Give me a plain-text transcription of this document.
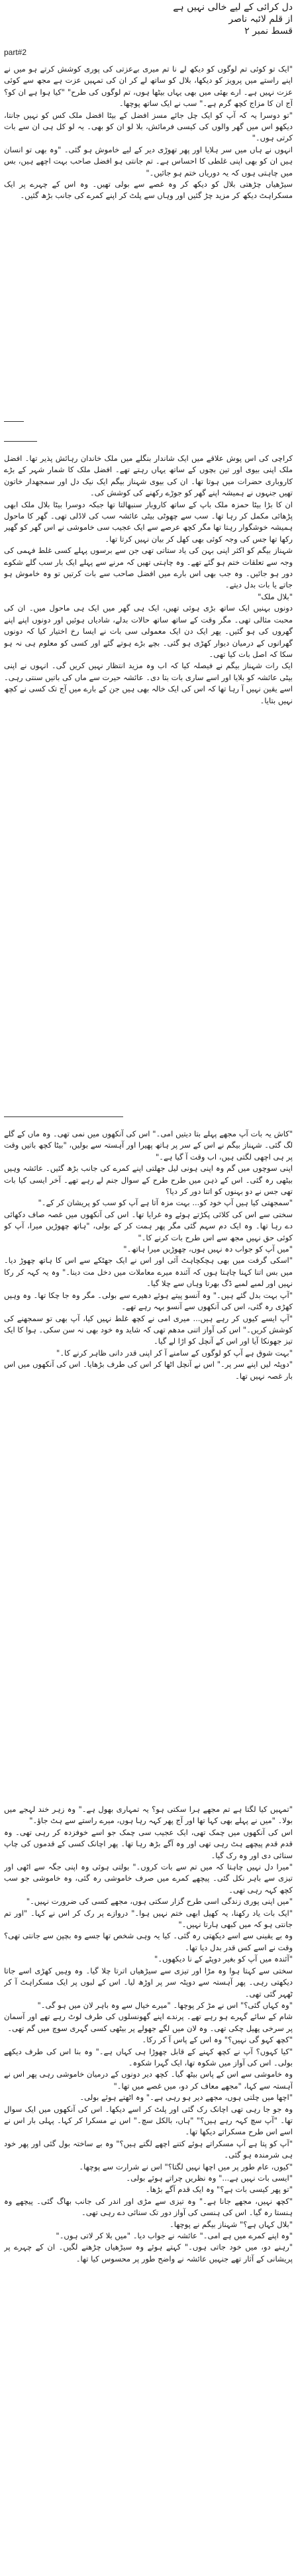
دل کرائی کے لیے خالی نہیں ہے
از قلم لائبہ ناصر
قسط نمبر ۲
part#2

"ایک تو کوئی تم لوگوں کو دیکھ لے نا تم میری بےعزتی کی پوری کوشش کرتے ہو میں نے اپنے راستے میں پرویز کو دیکھا، بلال کو ساتھ لے کر ان کی تمہیں عزت ہے مجھ سے کوئی عزت نہیں ہے۔ ارے بھئی میں بھی یہاں بیٹھا ہوں، تم لوگوں کی طرح" "کیا ہوا ہے ان کو؟ آج ان کا مزاج کچھ گرم ہے۔" سب نے ایک ساتھ پوچھا۔

"تو دوسرا یہ کہ آپ کو ایک چل جائے مسز افضل کے بیٹا افضل ملک کس کو نہیں جانتا، دیکھو اس میں گھر والوں کی کیسی فرمائش، بلا لو ان کو بھی۔ یہ لو کل ہی ان سے بات کرتی ہوں۔"

انہوں نے ہاں میں سر ہلایا اور پھر تھوڑی دیر کے لیے خاموش ہو گئی۔ "وہ بھی تو انسان ہیں ان کو بھی اپنی غلطی کا احساس ہے۔ تم جانتی ہو افضل صاحب بہت اچھے ہیں، بس میں چاہتی ہوں کہ یہ دوریاں ختم ہو جائیں۔"

سیڑھیاں چڑھتی بلال کو دیکھ کر وہ غصے سے بولی تھیں۔ وہ اس کے چہرے پر ایک مسکراہٹ دیکھ کر مزید چڑ گئیں اور وہاں سے پلٹ کر اپنے کمرے کی جانب بڑھ گئیں۔

کراچی کی اس پوش علاقے میں ایک شاندار بنگلے میں ملک خاندان رہائش پذیر تھا۔ افضل ملک اپنی بیوی اور تین بچوں کے ساتھ یہاں رہتے تھے۔ افضل ملک کا شمار شہر کے بڑے کاروباری حضرات میں ہوتا تھا۔ ان کی بیوی شہناز بیگم ایک نیک دل اور سمجھدار خاتون تھیں جنہوں نے ہمیشہ اپنے گھر کو جوڑے رکھنے کی کوشش کی۔

ان کا بڑا بیٹا حمزہ ملک باپ کے ساتھ کاروبار سنبھالتا تھا جبکہ دوسرا بیٹا بلال ملک ابھی پڑھائی مکمل کر رہا تھا۔ سب سے چھوٹی بیٹی عائشہ سب کی لاڈلی تھی۔ گھر کا ماحول ہمیشہ خوشگوار رہتا تھا مگر کچھ عرصے سے ایک عجیب سی خاموشی نے اس گھر کو گھیر رکھا تھا جس کی وجہ کوئی بھی کھل کر بیان نہیں کرتا تھا۔

شہناز بیگم کو اکثر اپنی بہن کی یاد ستاتی تھی جن سے برسوں پہلے کسی غلط فہمی کی وجہ سے تعلقات ختم ہو گئے تھے۔ وہ چاہتی تھیں کہ مرنے سے پہلے ایک بار سب گلے شکوے دور ہو جائیں۔ وہ جب بھی اس بارے میں افضل صاحب سے بات کرتیں تو وہ خاموش ہو جاتے یا بات بدل دیتے۔

"بلال ملک"

دونوں بہنیں ایک ساتھ بڑی ہوئی تھیں، ایک ہی گھر میں ایک ہی ماحول میں۔ ان کی محبت مثالی تھی۔ مگر وقت کے ساتھ ساتھ حالات بدلے، شادیاں ہوئیں اور دونوں اپنے اپنے گھروں کی ہو گئیں۔ پھر ایک دن ایک معمولی سی بات نے ایسا رخ اختیار کیا کہ دونوں گھرانوں کے درمیان دیوار کھڑی ہو گئی۔ بچے بڑے ہوتے گئے اور کسی کو معلوم ہی نہ ہو سکا کہ اصل بات کیا تھی۔

ایک رات شہناز بیگم نے فیصلہ کیا کہ اب وہ مزید انتظار نہیں کریں گی۔ انہوں نے اپنی بیٹی عائشہ کو بلایا اور اسے ساری بات بتا دی۔ عائشہ حیرت سے ماں کی باتیں سنتی رہی۔ اسے یقین نہیں آ رہا تھا کہ اس کی ایک خالہ بھی ہیں جن کے بارے میں آج تک کسی نے کچھ نہیں بتایا۔

"کاش یہ بات آپ مجھے پہلے بتا دیتیں امی۔" اس کی آنکھوں میں نمی تھی۔ وہ ماں کے گلے لگ گئی۔ شہناز بیگم نے اس کے سر پر ہاتھ پھیرا اور آہستہ سے بولیں، "بیٹا کچھ باتیں وقت پر ہی اچھی لگتی ہیں، اب وقت آ گیا ہے۔"

اپنی سوچوں میں گم وہ اپنی ہونی لیل جھلتی اپنے کمرے کی جانب بڑھ گئیں۔ عائشہ وہیں بیٹھی رہ گئی۔ اس کے ذہن میں طرح طرح کے سوال جنم لے رہے تھے۔ آخر ایسی کیا بات تھی جس نے دو بہنوں کو اتنا دور کر دیا؟

"سمجھتی کیا ہیں آپ خود کو... بہت مزہ آتا ہے آپ کو سب کو پریشان کر کے۔"

سختی سے اس کی کلائی پکڑتے ہوئے وہ غرایا تھا۔ اس کی آنکھوں میں غصہ صاف دکھائی دے رہا تھا۔ وہ ایک دم سہم گئی مگر پھر ہمت کر کے بولی، "ہاتھ چھوڑیں میرا، آپ کو کوئی حق نہیں مجھ سے اس طرح بات کرنے کا۔"

"میں آپ کو جواب دہ نہیں ہوں، چھوڑیں میرا ہاتھ۔"

"اسکی گرفت میں بھی ہچکچاہٹ آئی اور اس نے ایک جھٹکے سے اس کا ہاتھ چھوڑ دیا۔ میں بس اتنا کہنا چاہتا ہوں کہ آئندہ میرے معاملات میں دخل مت دینا۔" وہ یہ کہہ کر رکا نہیں اور لمبے لمبے ڈگ بھرتا وہاں سے چلا گیا۔

"آپ بہت بدل گئے ہیں۔" وہ آنسو پیتے ہوئے دھیرے سے بولی۔ مگر وہ جا چکا تھا۔ وہ وہیں کھڑی رہ گئی، اس کی آنکھوں سے آنسو بہہ رہے تھے۔

"آپ ایسے کیوں کر رہے ہیں... میری امی نے کچھ غلط نہیں کیا، آپ بھی تو سمجھنے کی کوشش کریں۔" اس کی آواز اتنی مدھم تھی کہ شاید وہ خود بھی نہ سن سکی۔ ہوا کا ایک تیز جھونکا آیا اور اس کے آنچل کو اڑا لے گیا۔

"بہت شوق ہے آپ کو لوگوں کے سامنے آ کر اپنی قدر دانی ظاہر کرنے کا۔"

"دوپٹہ لیں اپنے سر پر۔" اس نے آنچل اٹھا کر اس کی طرف بڑھایا۔ اس کی آنکھوں میں اس بار غصہ نہیں تھا۔

"تمہیں کیا لگتا ہے تم مجھے ہرا سکتی ہو؟ یہ تمہاری بھول ہے۔" وہ زہر خند لہجے میں بولا۔ "میں نے پہلے بھی کہا تھا اور آج پھر کہہ رہا ہوں، میرے راستے سے ہٹ جاؤ۔"

اس کی آنکھوں میں چمک تھی، ایک عجیب سی چمک جو اسے خوفزدہ کر رہی تھی۔ وہ قدم قدم پیچھے ہٹ رہی تھی اور وہ آگے بڑھ رہا تھا۔ پھر اچانک کسی کے قدموں کی چاپ سنائی دی اور وہ رک گیا۔

"میرا دل نہیں چاہتا کہ میں تم سے بات کروں۔" بولتی ہوئی وہ اپنی جگہ سے اٹھی اور تیزی سے باہر نکل گئی۔ پیچھے کمرے میں صرف خاموشی رہ گئی، وہ خاموشی جو سب کچھ کہہ رہی تھی۔

"میں اپنی پوری زندگی اسی طرح گزار سکتی ہوں، مجھے کسی کی ضرورت نہیں۔"

"ایک بات یاد رکھنا، یہ کھیل ابھی ختم نہیں ہوا۔" دروازے پر رک کر اس نے کہا۔ "اور تم جانتی ہو کہ میں کبھی ہارتا نہیں۔"

وہ بے یقینی سے اسے دیکھتی رہ گئی۔ کیا یہ وہی شخص تھا جسے وہ بچپن سے جانتی تھی؟ وقت نے اسے کس قدر بدل دیا تھا۔

"آئندہ میں آپ کو بغیر دوپٹے کے نا دیکھوں۔"

سختی سے کہتا ہوا وہ مڑا اور تیزی سے سیڑھیاں اترتا چلا گیا۔ وہ وہیں کھڑی اسے جاتا دیکھتی رہی۔ پھر آہستہ سے دوپٹہ سر پر اوڑھ لیا۔ اس کے لبوں پر ایک مسکراہٹ آ کر ٹھہر گئی تھی۔

"وہ کہاں گئی؟" اس نے مڑ کر پوچھا۔ "میرے خیال سے وہ باہر لان میں ہو گی۔"

شام کے سائے گہرے ہو رہے تھے۔ پرندے اپنے گھونسلوں کی طرف لوٹ رہے تھے اور آسمان پر سرخی پھیل چکی تھی۔ وہ لان میں لگے جھولے پر بیٹھی کسی گہری سوچ میں گم تھی۔

"کچھ کہو گی نہیں؟" وہ اس کے پاس آ کر رکا۔

"کیا کہوں؟ آپ نے کچھ کہنے کے قابل چھوڑا ہی کہاں ہے۔" وہ بنا اس کی طرف دیکھے بولی۔ اس کی آواز میں شکوہ تھا، ایک گہرا شکوہ۔

وہ خاموشی سے اس کے پاس بیٹھ گیا۔ کچھ دیر دونوں کے درمیان خاموشی رہی پھر اس نے آہستہ سے کہا، "مجھے معاف کر دو، میں غصے میں تھا۔"

"اچھا میں چلتی ہوں، مجھے دیر ہو رہی ہے۔" وہ اٹھتے ہوئے بولی۔

وہ جو جا رہی تھی اچانک رک گئی اور پلٹ کر اسے دیکھا۔ اس کی آنکھوں میں ایک سوال تھا۔ "آپ سچ کہہ رہے ہیں؟" "ہاں، بالکل سچ۔" اس نے مسکرا کر کہا۔ پہلی بار اس نے اسے اس طرح مسکراتے دیکھا تھا۔

"آپ کو پتا ہے آپ مسکراتے ہوئے کتنے اچھے لگتے ہیں؟" وہ بے ساختہ بول گئی اور پھر خود ہی شرمندہ ہو گئی۔

"کیوں، عام طور پر میں اچھا نہیں لگتا؟" اس نے شرارت سے پوچھا۔

"ایسی بات نہیں ہے..." وہ نظریں چراتے ہوئے بولی۔

"تو پھر کیسی بات ہے؟" وہ ایک قدم آگے بڑھا۔

"کچھ نہیں، مجھے جانا ہے۔" وہ تیزی سے مڑی اور اندر کی جانب بھاگ گئی۔ پیچھے وہ ہنستا رہ گیا۔ اس کی ہنسی کی آواز دور تک سنائی دے رہی تھی۔

"بلال کہاں ہے؟" شہناز بیگم نے پوچھا۔

"وہ اپنے کمرے میں ہے امی۔" عائشہ نے جواب دیا۔ "میں بلا کر لاتی ہوں۔"

"رہنے دو، میں خود جاتی ہوں۔" کہتے ہوئے وہ سیڑھیاں چڑھنے لگیں۔ ان کے چہرے پر پریشانی کے آثار تھے جنہیں عائشہ نے واضح طور پر محسوس کیا تھا۔
